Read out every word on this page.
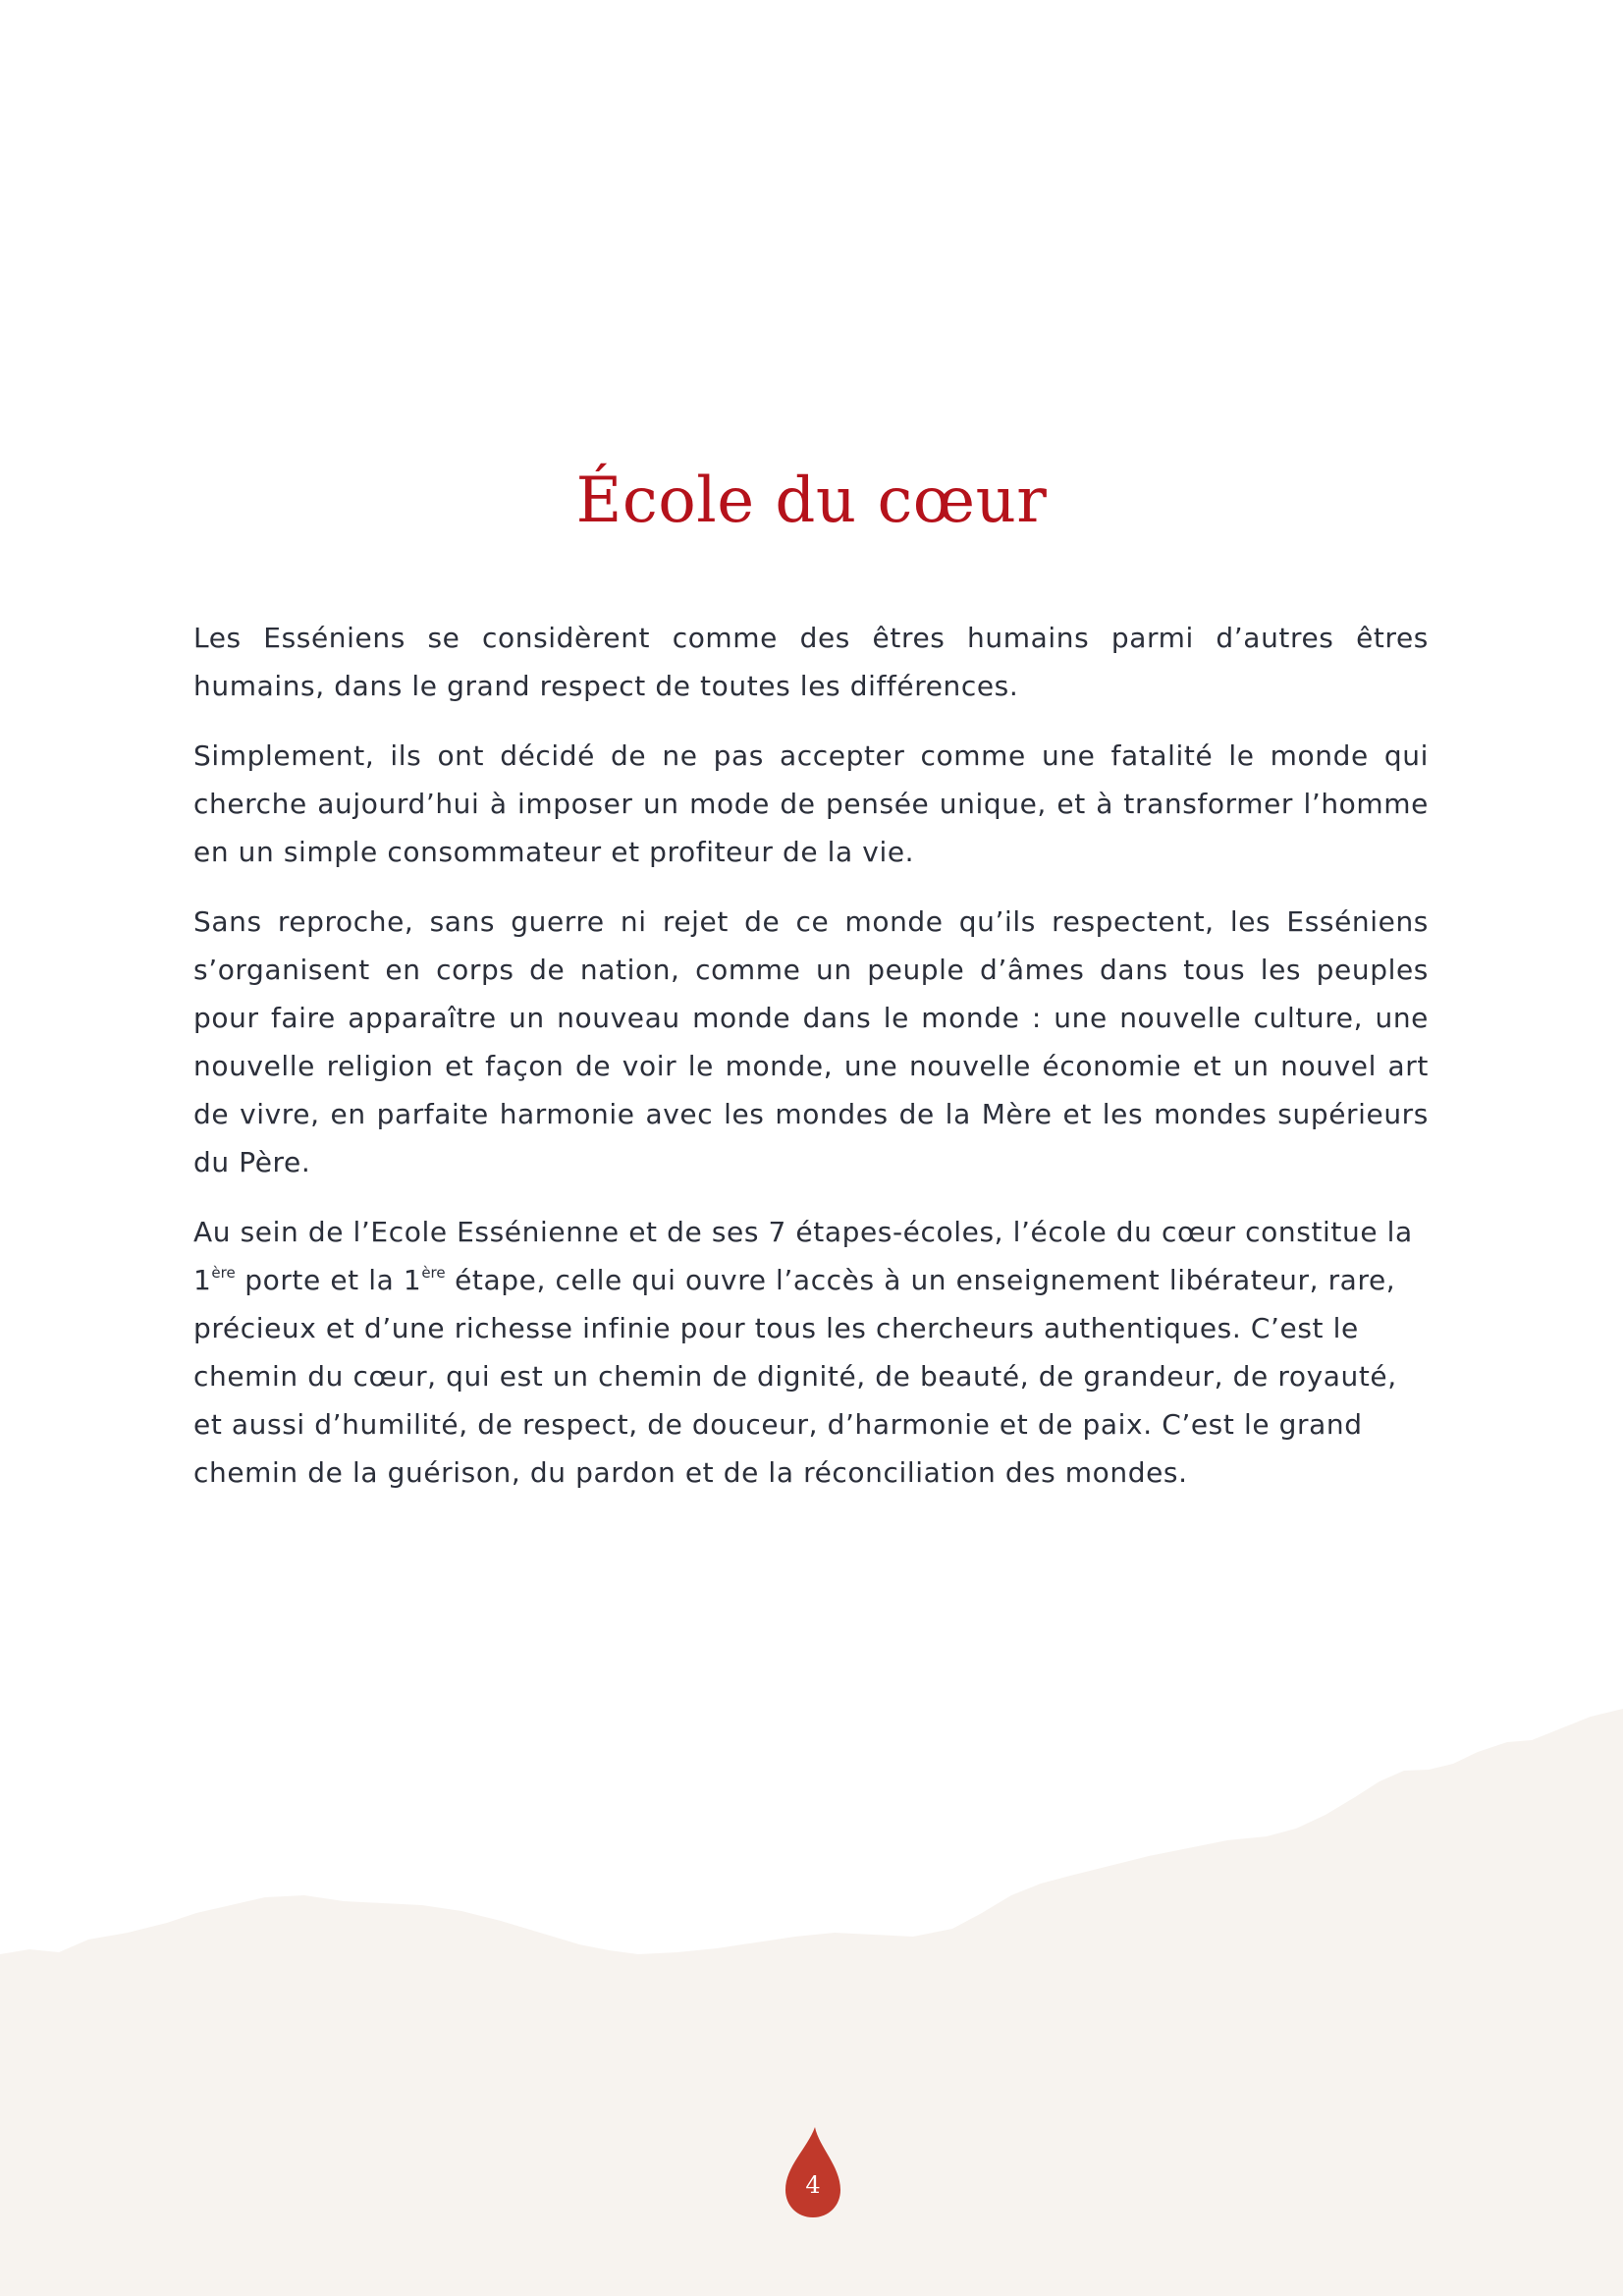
École du cœur

Les Esséniens se considèrent comme des êtres humains parmi d’autres êtres humains, dans le grand respect de toutes les différences.

Simplement, ils ont décidé de ne pas accepter comme une fatalité le monde qui cherche aujourd’hui à imposer un mode de pensée unique, et à transformer l’homme en un simple consommateur et profiteur de la vie.

Sans reproche, sans guerre ni rejet de ce monde qu’ils respectent, les Esséniens s’organisent en corps de nation, comme un peuple d’âmes dans tous les peuples pour faire apparaître un nouveau monde dans le monde : une nouvelle culture, une nouvelle religion et façon de voir le monde, une nouvelle économie et un nouvel art de vivre, en parfaite harmonie avec les mondes de la Mère et les mondes supérieurs du Père.

Au sein de l’Ecole Essénienne et de ses 7 étapes-écoles, l’école du cœur constitue la 1ère porte et la 1ère étape, celle qui ouvre l’accès à un enseignement libérateur, rare, précieux et d’une richesse infinie pour tous les chercheurs authentiques. C’est le chemin du cœur, qui est un chemin de dignité, de beauté, de grandeur, de royauté, et aussi d’humilité, de respect, de douceur, d’harmonie et de paix. C’est le grand chemin de la guérison, du pardon et de la réconciliation des mondes.

4
